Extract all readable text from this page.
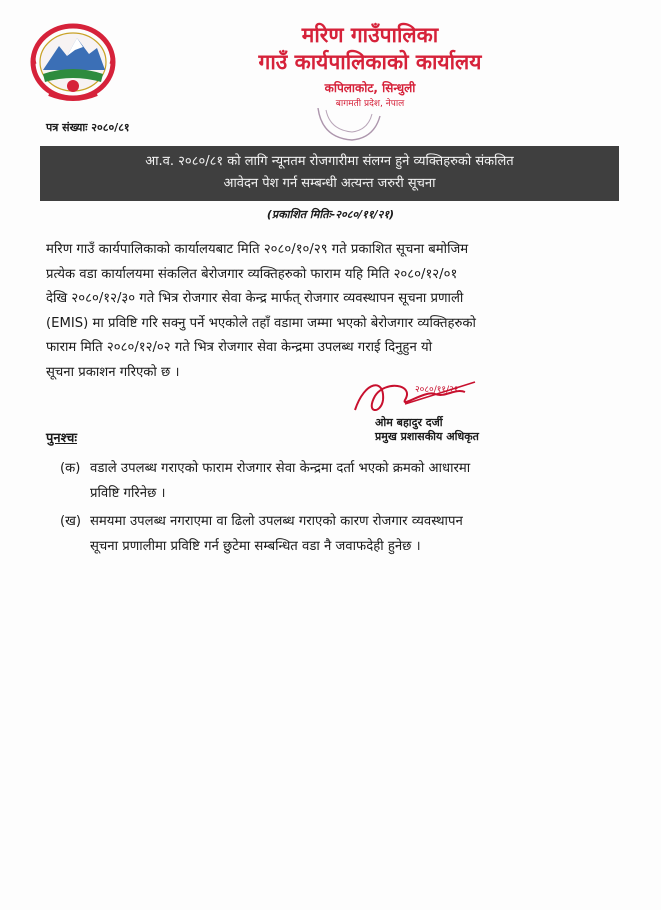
मरिण गाउँपालिका
गाउँ कार्यपालिकाको कार्यालय
कपिलाकोट, सिन्धुली
बागमती प्रदेश, नेपाल
पत्र संख्याः २०८०/८१
आ.व. २०८०/८१ को लागि न्यूनतम रोजगारीमा संलग्न हुने व्यक्तिहरुको संकलित
आवेदन पेश गर्न सम्बन्धी अत्यन्त जरुरी सूचना
(प्रकाशित मितिः-२०८०/११/२१)
मरिण गाउँ कार्यपालिकाको कार्यालयबाट मिति २०८०/१०/२९ गते प्रकाशित सूचना बमोजिम
प्रत्येक वडा कार्यालयमा संकलित बेरोजगार व्यक्तिहरुको फाराम यहि मिति २०८०/१२/०१
देखि २०८०/१२/३० गते भित्र रोजगार सेवा केन्द्र मार्फत् रोजगार व्यवस्थापन सूचना प्रणाली
(EMIS) मा प्रविष्टि गरि सक्नु पर्ने भएकोले तहाँ वडामा जम्मा भएको बेरोजगार व्यक्तिहरुको
फाराम मिति २०८०/१२/०२ गते भित्र रोजगार सेवा केन्द्रमा उपलब्ध गराई दिनुहुन यो
सूचना प्रकाशन गरिएको छ ।
२०८०/११/२१
ओम बहादुर दर्जी
प्रमुख प्रशासकीय अधिकृत
पुनश्चः
(क) वडाले उपलब्ध गराएको फाराम रोजगार सेवा केन्द्रमा दर्ता भएको क्रमको आधारमा
प्रविष्टि गरिनेछ ।
(ख) समयमा उपलब्ध नगराएमा वा ढिलो उपलब्ध गराएको कारण रोजगार व्यवस्थापन
सूचना प्रणालीमा प्रविष्टि गर्न छुटेमा सम्बन्धित वडा नै जवाफदेही हुनेछ ।
